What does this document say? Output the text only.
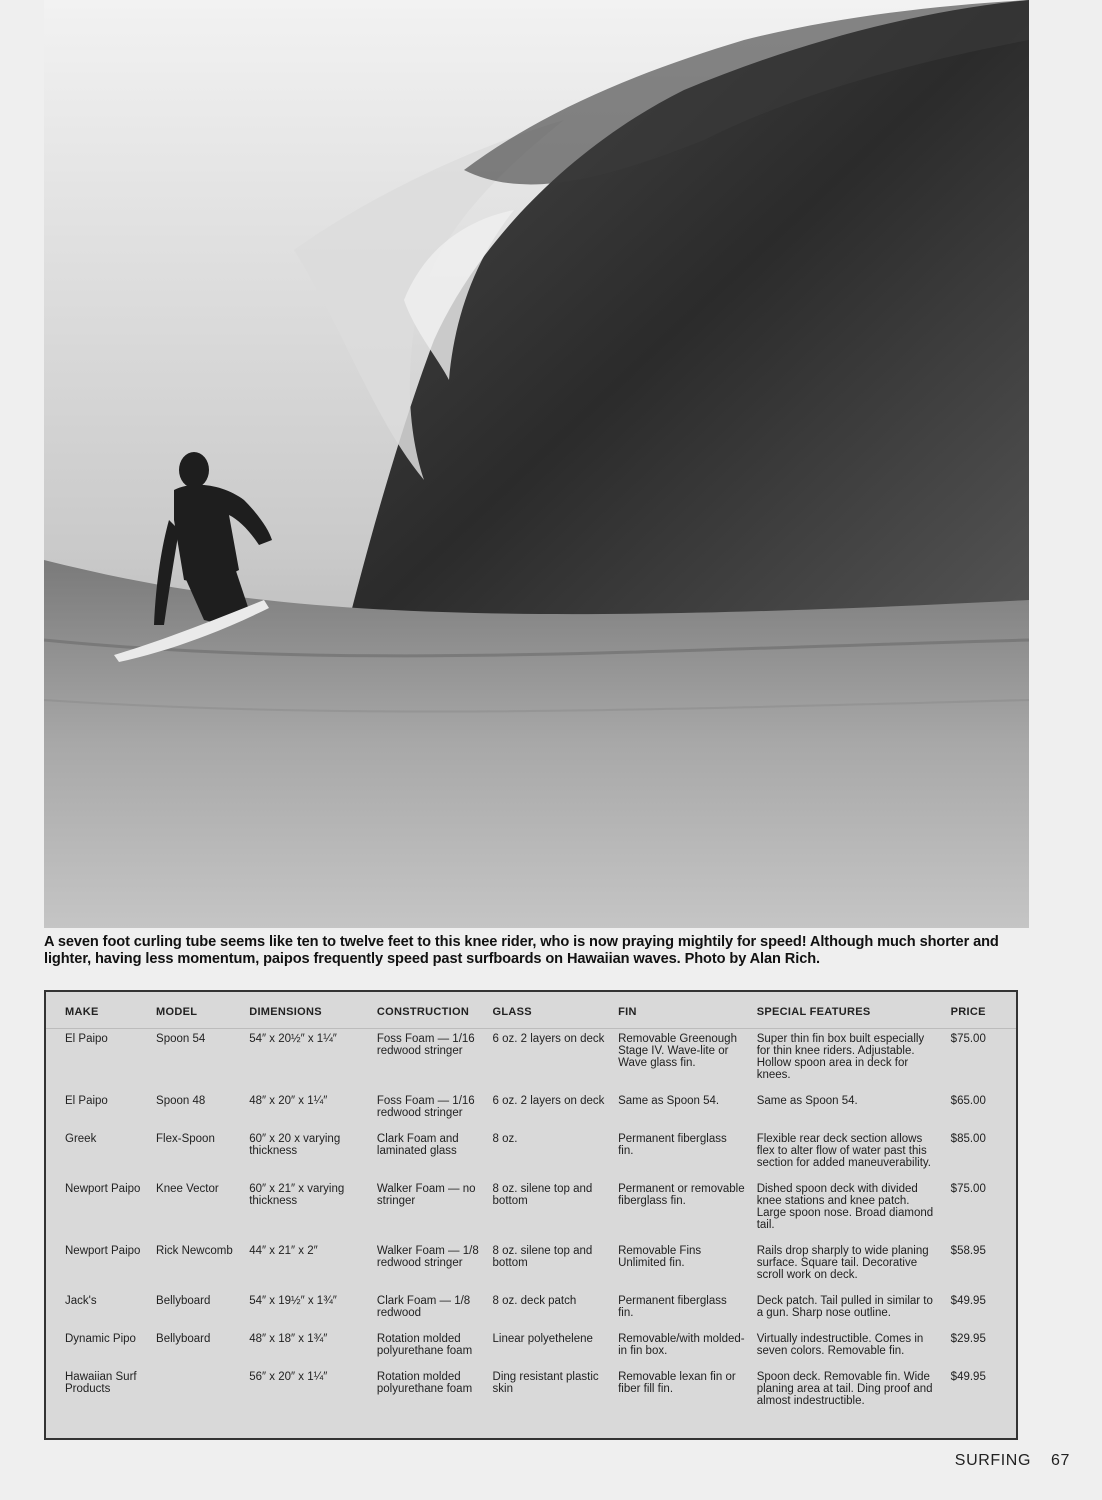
A seven foot curling tube seems like ten to twelve feet to this knee rider, who is now praying mightily for speed! Although much shorter and lighter, having less momentum, paipos frequently speed past surfboards on Hawaiian waves. Photo by Alan Rich.
MAKE	MODEL	DIMENSIONS	CONSTRUCTION	GLASS	FIN	SPECIAL FEATURES	PRICE
El Paipo	Spoon 54	54″ x 20½″ x 1¼″	Foss Foam — 1/16 redwood stringer	6 oz. 2 layers on deck	Removable Greenough Stage IV. Wave-lite or Wave glass fin.	Super thin fin box built especially for thin knee riders. Adjustable. Hollow spoon area in deck for knees.	$75.00
El Paipo	Spoon 48	48″ x 20″ x 1¼″	Foss Foam — 1/16 redwood stringer	6 oz. 2 layers on deck	Same as Spoon 54.	Same as Spoon 54.	$65.00
Greek	Flex-Spoon	60″ x 20 x varying thickness	Clark Foam and laminated glass	8 oz.	Permanent fiberglass fin.	Flexible rear deck section allows flex to alter flow of water past this section for added maneuverability.	$85.00
Newport Paipo	Knee Vector	60″ x 21″ x varying thickness	Walker Foam — no stringer	8 oz. silene top and bottom	Permanent or removable fiberglass fin.	Dished spoon deck with divided knee stations and knee patch. Large spoon nose. Broad diamond tail.	$75.00
Newport Paipo	Rick Newcomb	44″ x 21″ x 2″	Walker Foam — 1/8 redwood stringer	8 oz. silene top and bottom	Removable Fins Unlimited fin.	Rails drop sharply to wide planing surface. Square tail. Decorative scroll work on deck.	$58.95
Jack's	Bellyboard	54″ x 19½″ x 1¾″	Clark Foam — 1/8 redwood	8 oz. deck patch	Permanent fiberglass fin.	Deck patch. Tail pulled in similar to a gun. Sharp nose outline.	$49.95
Dynamic Pipo	Bellyboard	48″ x 18″ x 1¾″	Rotation molded polyurethane foam	Linear polyethelene	Removable/with molded-in fin box.	Virtually indestructible. Comes in seven colors. Removable fin.	$29.95
Hawaiian Surf Products		56″ x 20″ x 1¼″	Rotation molded polyurethane foam	Ding resistant plastic skin	Removable lexan fin or fiber fill fin.	Spoon deck. Removable fin. Wide planing area at tail. Ding proof and almost indestructible.	$49.95
SURFING 67
